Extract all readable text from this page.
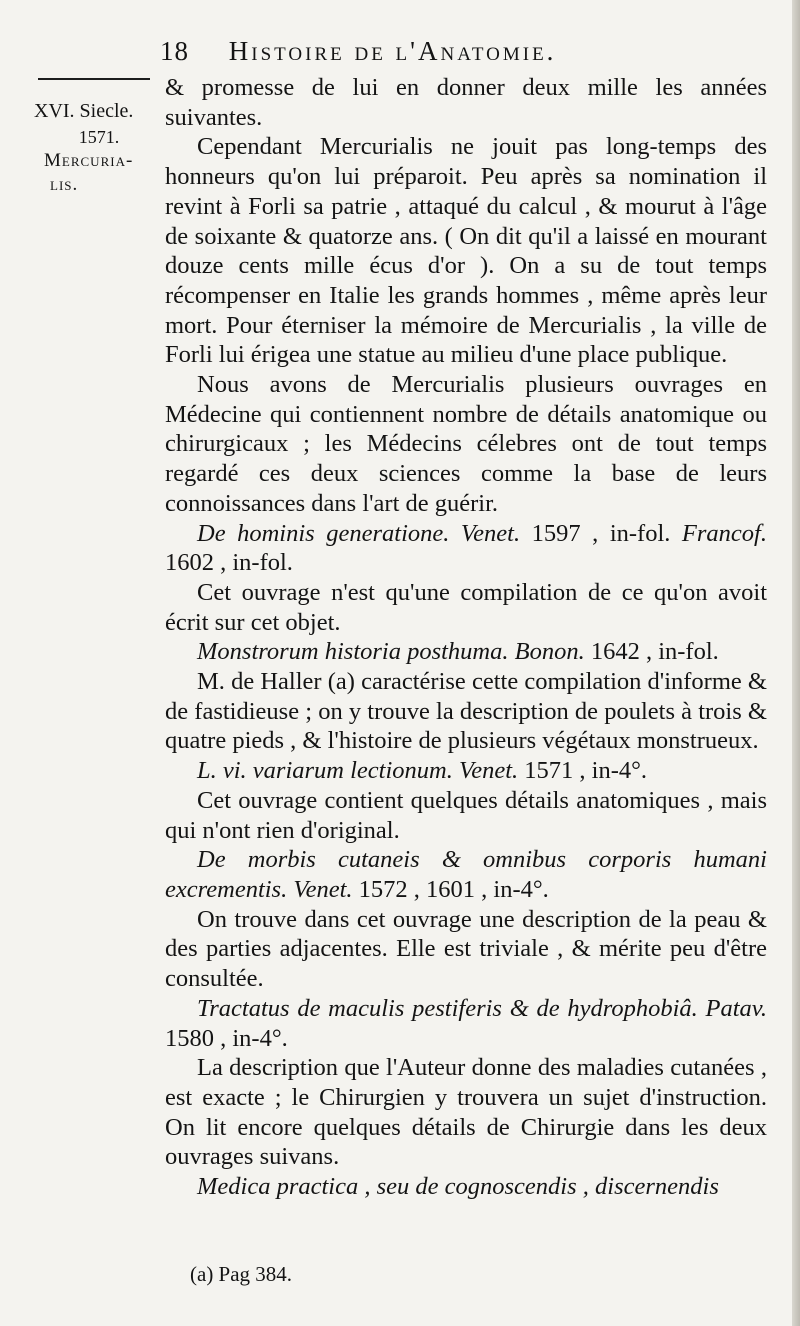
18 Histoire de l'Anatomie.
XVI. Siecle.
1571.
Mercuria-
lis.

& promesse de lui en donner deux mille les années suivantes.

Cependant Mercurialis ne jouit pas long-temps des honneurs qu'on lui préparoit. Peu après sa nomination il revint à Forli sa patrie , attaqué du calcul , & mourut à l'âge de soixante & quatorze ans. ( On dit qu'il a laissé en mourant douze cents mille écus d'or ). On a su de tout temps récompenser en Italie les grands hommes , même après leur mort. Pour éterniser la mémoire de Mercurialis , la ville de Forli lui érigea une statue au milieu d'une place publique.

Nous avons de Mercurialis plusieurs ouvrages en Médecine qui contiennent nombre de détails anatomique ou chirurgicaux ; les Médecins célebres ont de tout temps regardé ces deux sciences comme la base de leurs connoissances dans l'art de guérir.

De hominis generatione. Venet. 1597 , in-fol. Francof. 1602 , in-fol.

Cet ouvrage n'est qu'une compilation de ce qu'on avoit écrit sur cet objet.

Monstrorum historia posthuma. Bonon. 1642 , in-fol.

M. de Haller (a) caractérise cette compilation d'informe & de fastidieuse ; on y trouve la description de poulets à trois & quatre pieds , & l'histoire de plusieurs végétaux monstrueux.

L. vi. variarum lectionum. Venet. 1571 , in-4°.

Cet ouvrage contient quelques détails anatomiques , mais qui n'ont rien d'original.

De morbis cutaneis & omnibus corporis humani excrementis. Venet. 1572 , 1601 , in-4°.

On trouve dans cet ouvrage une description de la peau & des parties adjacentes. Elle est triviale , & mérite peu d'être consultée.

Tractatus de maculis pestiferis & de hydrophobiâ. Patav. 1580 , in-4°.

La description que l'Auteur donne des maladies cutanées , est exacte ; le Chirurgien y trouvera un sujet d'instruction. On lit encore quelques détails de Chirurgie dans les deux ouvrages suivans.

Medica practica , seu de cognoscendis , discernendis

(a) Pag 384.
